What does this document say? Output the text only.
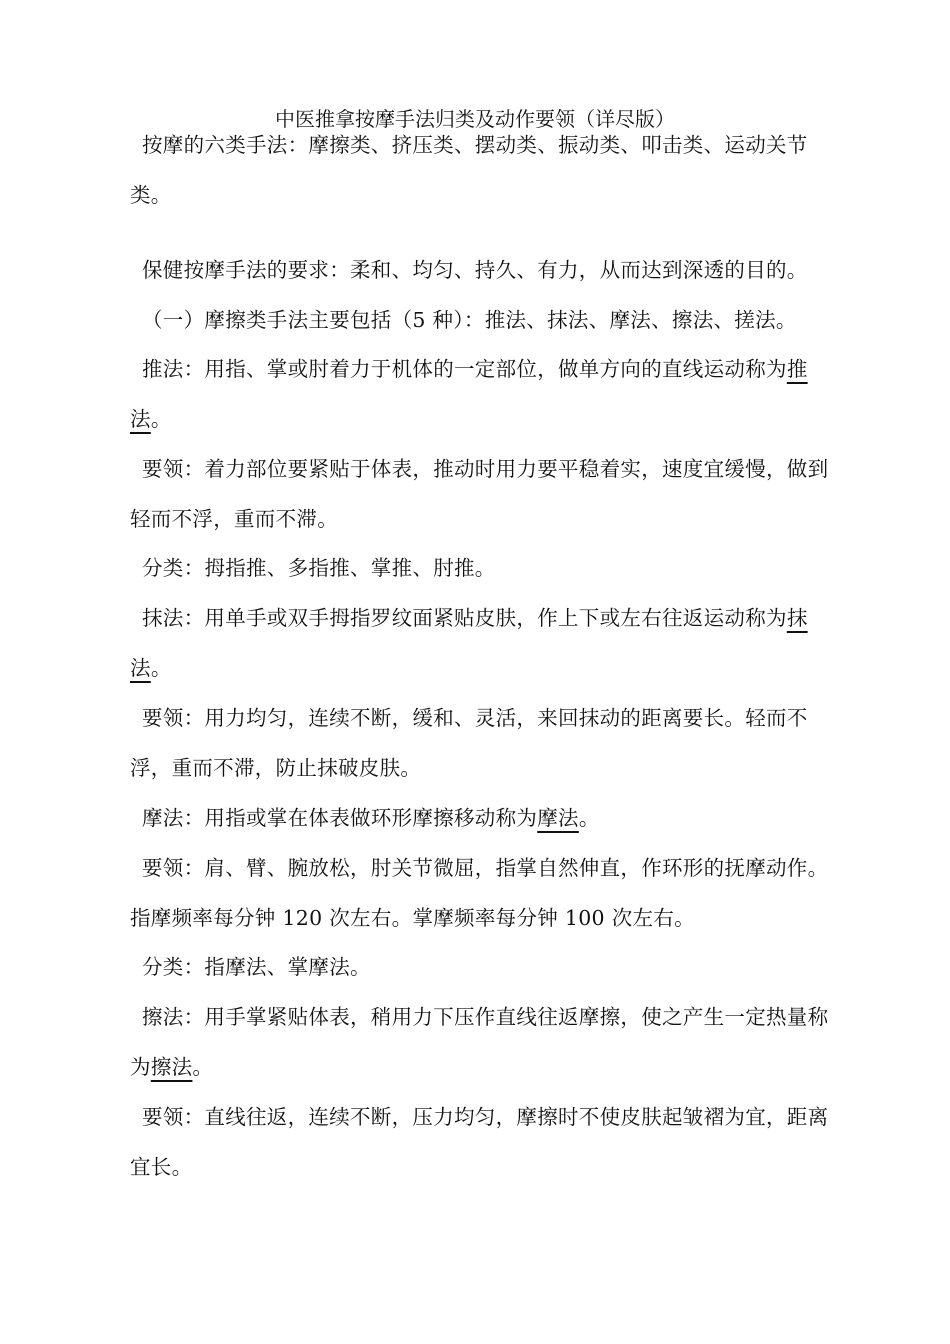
中医推拿按摩手法归类及动作要领（详尽版）

按摩的六类手法：摩擦类、挤压类、摆动类、振动类、叩击类、运动关节类。

保健按摩手法的要求：柔和、均匀、持久、有力，从而达到深透的目的。

（一）摩擦类手法主要包括（5 种）：推法、抹法、摩法、擦法、搓法。

推法：用指、掌或肘着力于机体的一定部位，做单方向的直线运动称为推法。

要领：着力部位要紧贴于体表，推动时用力要平稳着实，速度宜缓慢，做到轻而不浮，重而不滞。

分类：拇指推、多指推、掌推、肘推。

抹法：用单手或双手拇指罗纹面紧贴皮肤，作上下或左右往返运动称为抹法。

要领：用力均匀，连续不断，缓和、灵活，来回抹动的距离要长。轻而不浮，重而不滞，防止抹破皮肤。

摩法：用指或掌在体表做环形摩擦移动称为摩法。

要领：肩、臂、腕放松，肘关节微屈，指掌自然伸直，作环形的抚摩动作。指摩频率每分钟 120 次左右。掌摩频率每分钟 100 次左右。

分类：指摩法、掌摩法。

擦法：用手掌紧贴体表，稍用力下压作直线往返摩擦，使之产生一定热量称为擦法。

要领：直线往返，连续不断，压力均匀，摩擦时不使皮肤起皱褶为宜，距离宜长。
